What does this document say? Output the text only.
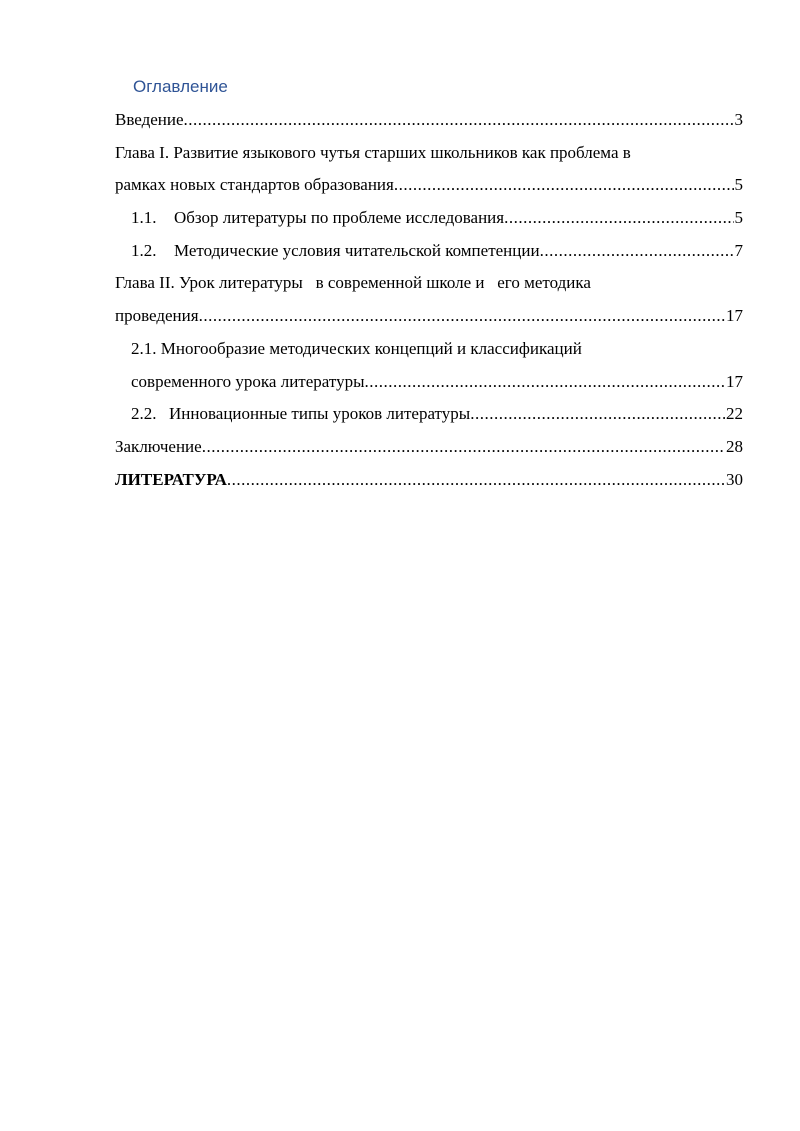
Оглавление
Введение .....	3
Глава I. Развитие языкового чутья старших школьников как проблема в
рамках новых стандартов образования .....	5
1.1. Обзор литературы по проблеме исследования .....	5
1.2. Методические условия читательской компетенции .....	7
Глава II. Урок литературы   в современной школе и   его методика
проведения .....	17
2.1. Многообразие методических концепций и классификаций
современного урока литературы .....	17
2.2. Инновационные типы уроков литературы .....	22
Заключение .....	28
ЛИТЕРАТУРА .....	30
